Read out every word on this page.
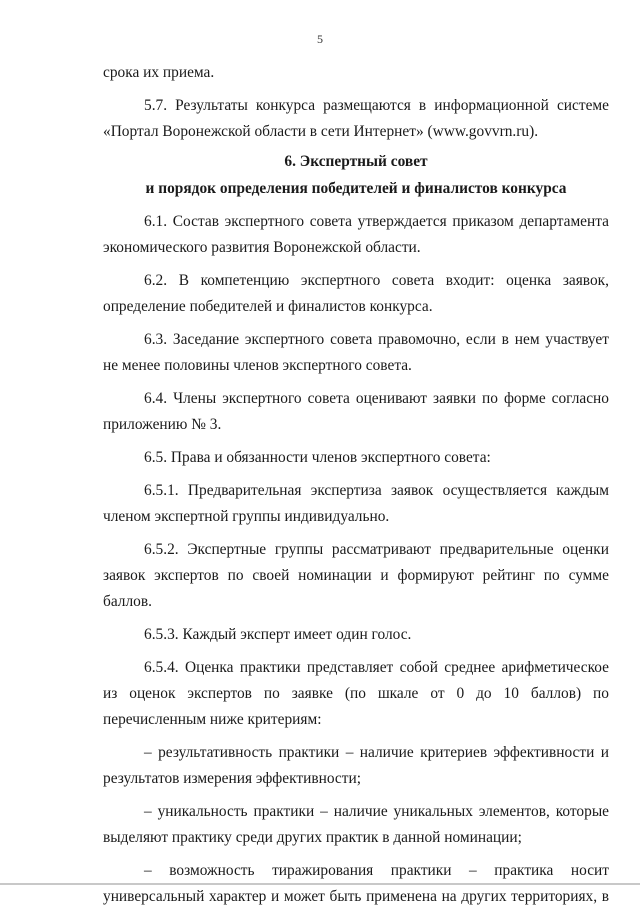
5

срока их приема.

5.7. Результаты конкурса размещаются в информационной системе «Портал Воронежской области в сети Интернет» (www.govvrn.ru).

6. Экспертный совет

и порядок определения победителей и финалистов конкурса

6.1. Состав экспертного совета утверждается приказом департамента экономического развития Воронежской области.

6.2. В компетенцию экспертного совета входит: оценка заявок, определение победителей и финалистов конкурса.

6.3. Заседание экспертного совета правомочно, если в нем участвует не менее половины членов экспертного совета.

6.4. Члены экспертного совета оценивают заявки по форме согласно приложению № 3.

6.5. Права и обязанности членов экспертного совета:

6.5.1. Предварительная экспертиза заявок осуществляется каждым членом экспертной группы индивидуально.

6.5.2. Экспертные группы рассматривают предварительные оценки заявок экспертов по своей номинации и формируют рейтинг по сумме баллов.

6.5.3. Каждый эксперт имеет один голос.

6.5.4. Оценка практики представляет собой среднее арифметическое из оценок экспертов по заявке (по шкале от 0 до 10 баллов) по перечисленным ниже критериям:

– результативность практики – наличие критериев эффективности и результатов измерения эффективности;

– уникальность практики – наличие уникальных элементов, которые выделяют практику среди других практик в данной номинации;

– возможность тиражирования практики – практика носит

универсальный характер и может быть применена на других территориях, в
